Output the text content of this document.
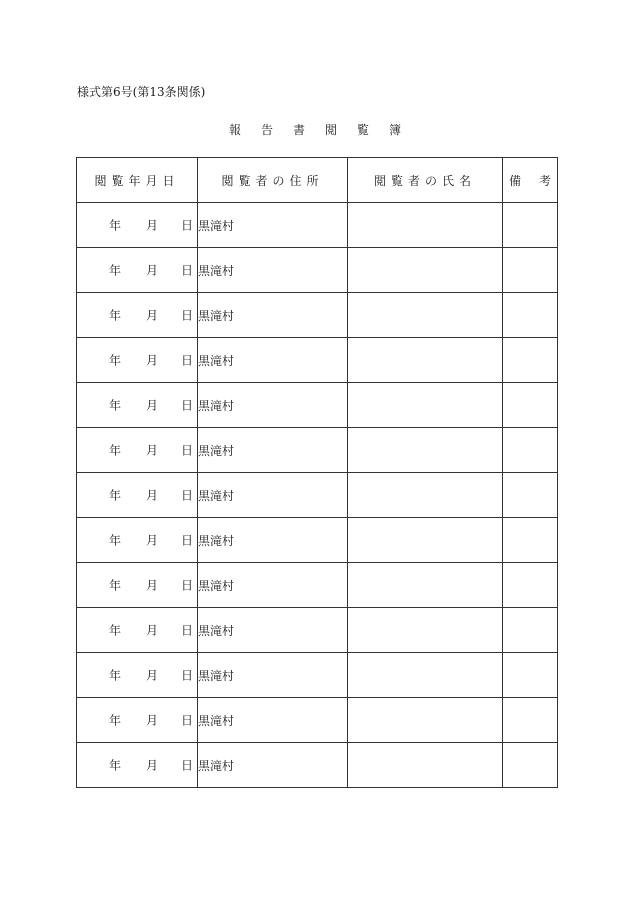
様式第6号(第13条関係)
報 告 書 閲 覧 簿
閲覧年月日	閲覧者の住所	閲覧者の氏名	備 考

年 月 日	黒滝村		

年 月 日	黒滝村		

年 月 日	黒滝村		

年 月 日	黒滝村		

年 月 日	黒滝村		

年 月 日	黒滝村		

年 月 日	黒滝村		

年 月 日	黒滝村		

年 月 日	黒滝村		

年 月 日	黒滝村		

年 月 日	黒滝村		

年 月 日	黒滝村		

年 月 日	黒滝村		
